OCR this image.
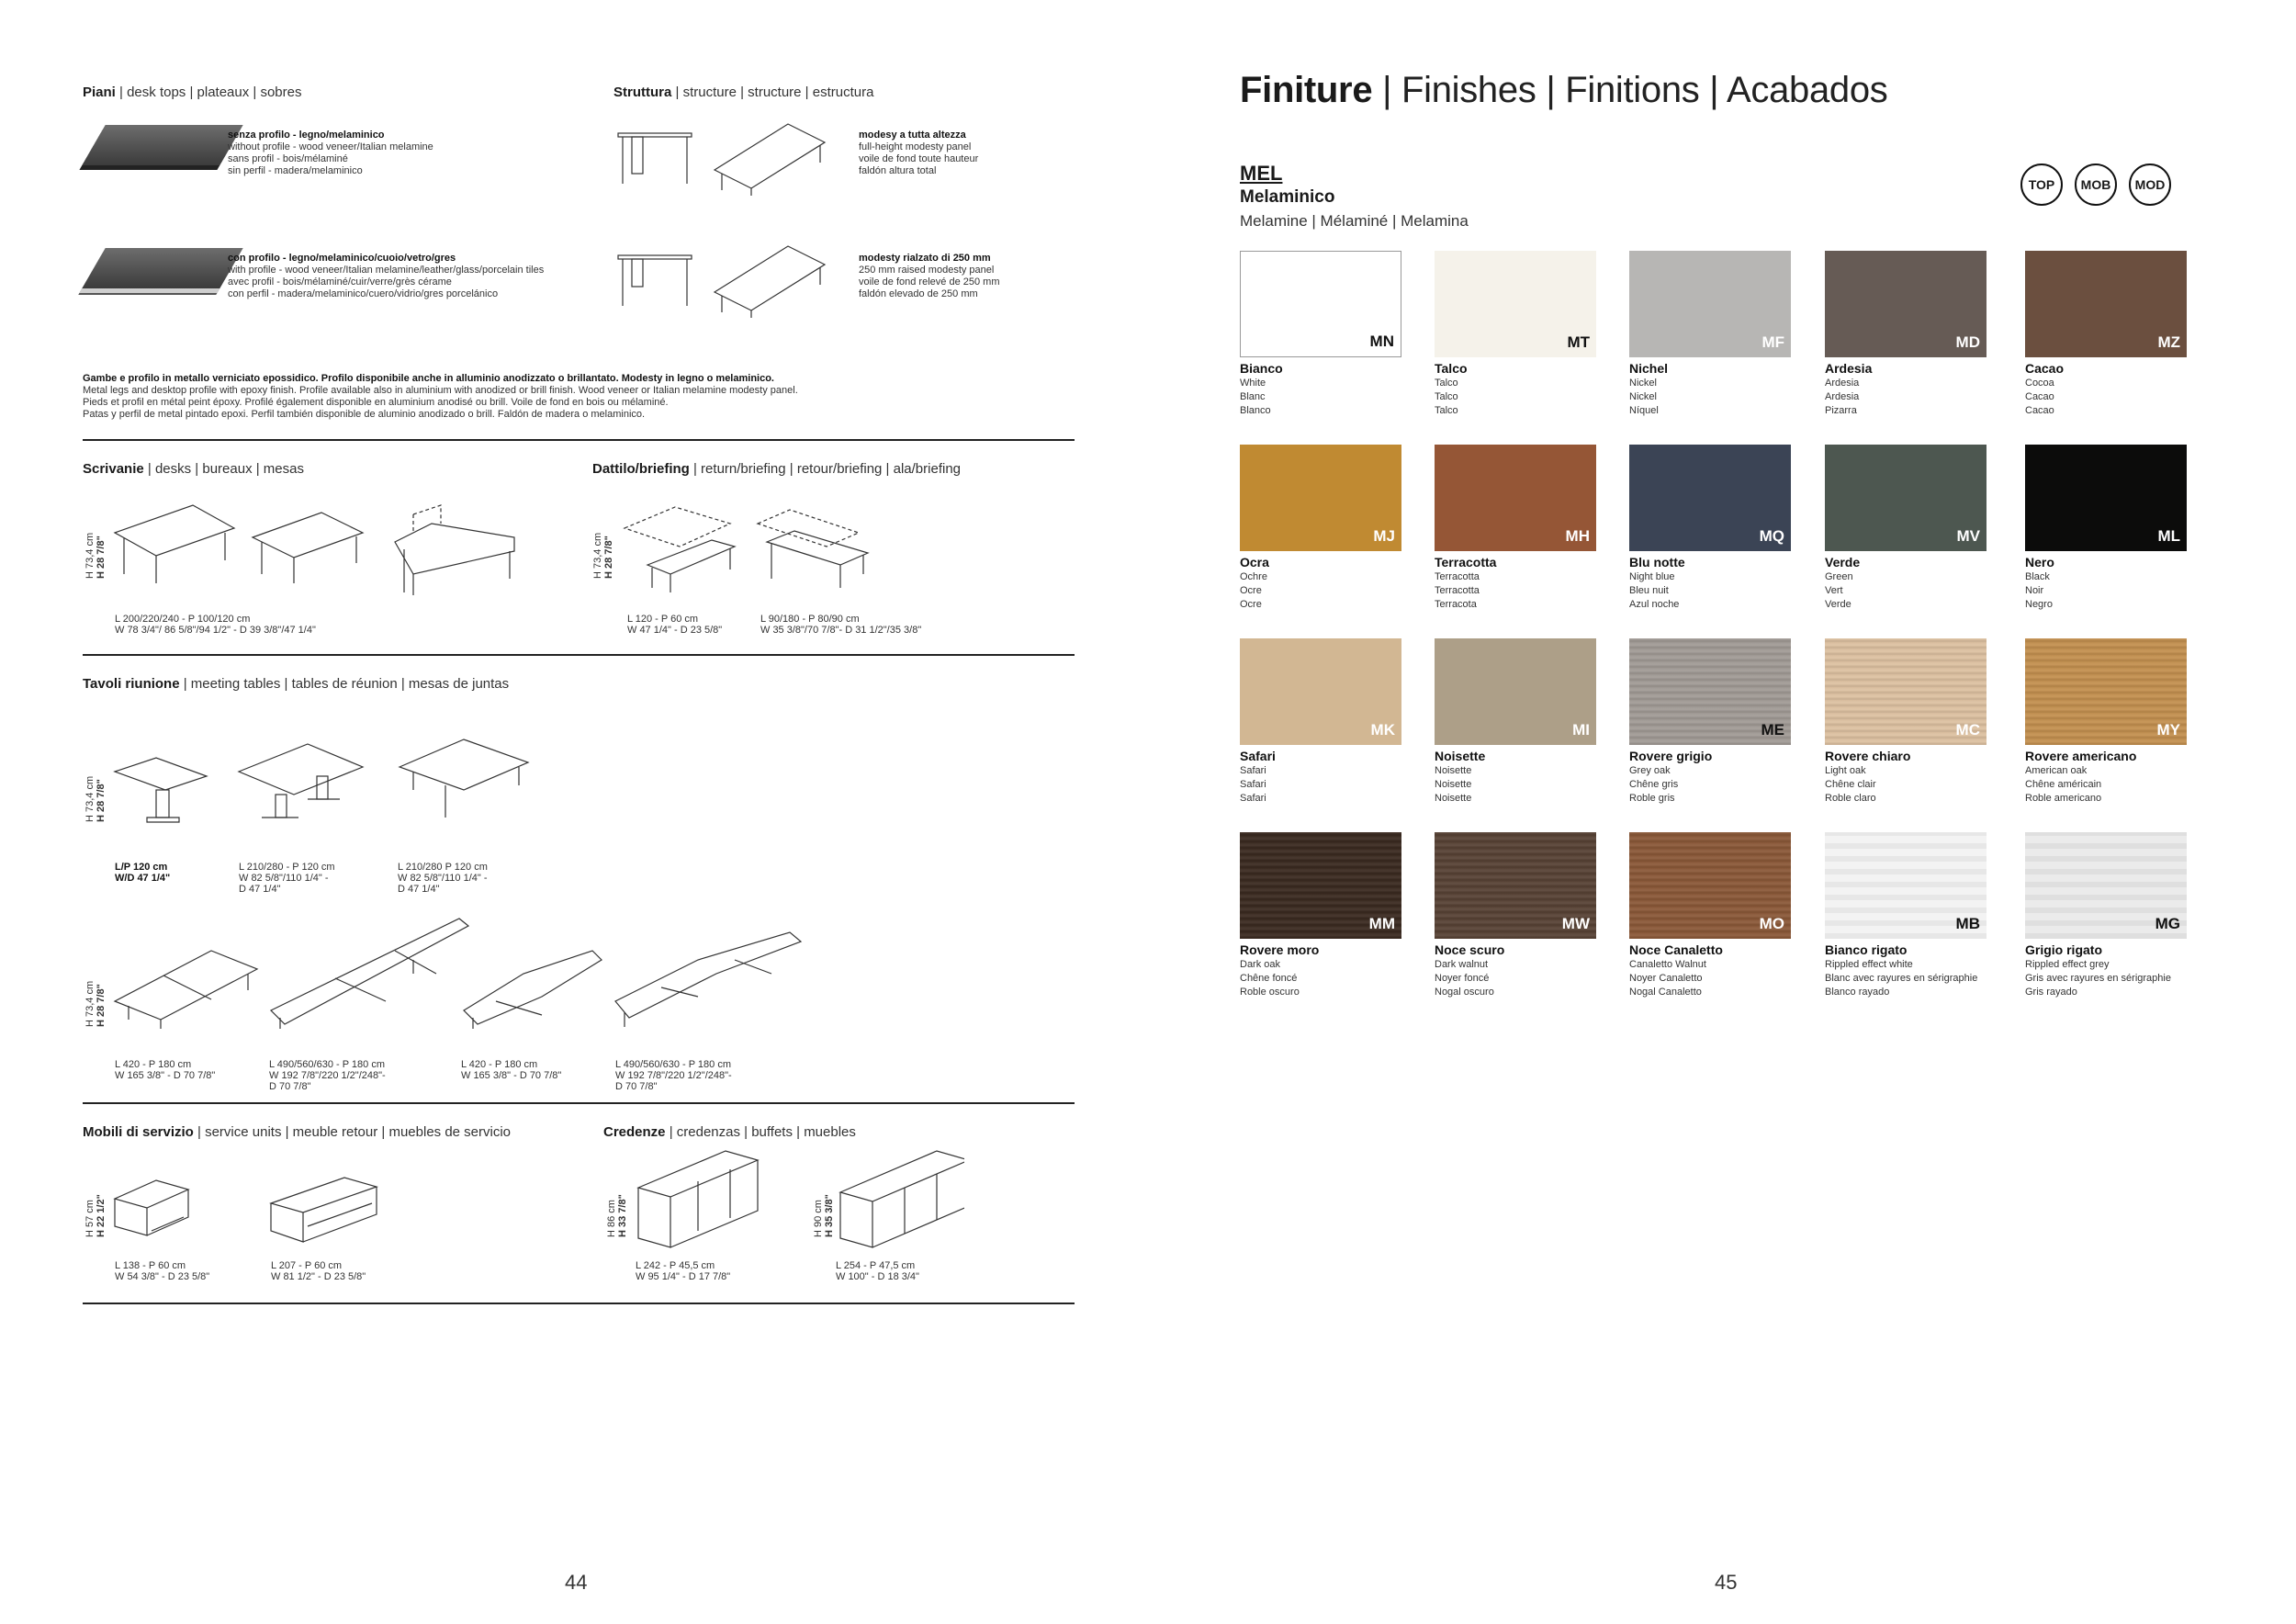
Piani | desk tops | plateaux | sobres	Struttura | structure | structure | estructura
senza profilo - legno/melaminico
without profile - wood veneer/Italian melamine
sans profil - bois/mélaminé
sin perfil - madera/melaminico
con profilo - legno/melaminico/cuoio/vetro/gres
with profile - wood veneer/Italian melamine/leather/glass/porcelain tiles
avec profil - bois/mélaminé/cuir/verre/grès cérame
con perfil - madera/melaminico/cuero/vidrio/gres porcelánico
modesy a tutta altezza
full-height modesty panel
voile de fond toute hauteur
faldón altura total
modesty rialzato di 250 mm
250 mm raised modesty panel
voile de fond relevé de 250 mm
faldón elevado de 250 mm
Gambe e profilo in metallo verniciato epossidico. Profilo disponibile anche in alluminio anodizzato o brillantato. Modesty in legno o melaminico.
Metal legs and desktop profile with epoxy finish. Profile available also in aluminium with anodized or brill finish. Wood veneer or Italian melamine modesty panel.
Pieds et profil en métal peint époxy. Profilé également disponible en aluminium anodisé ou brill. Voile de fond en bois ou mélaminé.
Patas y perfil de metal pintado epoxi. Perfil también disponible de aluminio anodizado o brill. Faldón de madera o melaminico.
Scrivanie | desks | bureaux | mesas	Dattilo/briefing | return/briefing | retour/briefing | ala/briefing
H 73,4 cm
H 28 7/8"
L 200/220/240 - P 100/120 cm
W 78 3/4"/ 86 5/8"/94 1/2" - D 39 3/8"/47 1/4"
H 73,4 cm
H 28 7/8"
L 120 - P 60 cm
W 47 1/4" - D 23 5/8"
L 90/180 - P 80/90 cm
W 35 3/8"/70 7/8"- D 31 1/2"/35 3/8"
Tavoli riunione | meeting tables | tables de réunion | mesas de juntas
H 73,4 cm
H 28 7/8"
L/P 120 cm
W/D 47 1/4"
L 210/280 - P 120 cm
W 82 5/8"/110 1/4" -
D 47 1/4"
L 210/280 P 120 cm
W 82 5/8"/110 1/4" -
D 47 1/4"
H 73,4 cm
H 28 7/8"
L 420 - P 180 cm
W 165 3/8" - D 70 7/8"
L 490/560/630 - P 180 cm
W 192 7/8"/220 1/2"/248"-
D 70 7/8"
L 420 - P 180 cm
W 165 3/8" - D 70 7/8"
L 490/560/630 - P 180 cm
W 192 7/8"/220 1/2"/248"-
D 70 7/8"
Mobili di servizio | service units | meuble retour | muebles de servicio	Credenze | credenzas | buffets | muebles
H 57 cm
H 22 1/2"
L 138 - P 60 cm
W 54 3/8" - D 23 5/8"
L 207 - P 60 cm
W 81 1/2" - D 23 5/8"
H 86 cm
H 33 7/8"	H 90 cm
H 35 3/8"
L 242 - P 45,5 cm
W 95 1/4" - D 17 7/8"
L 254 - P 47,5 cm
W 100" - D 18 3/4"
44
Finiture | Finishes | Finitions | Acabados
MEL
Melaminico
Melamine | Mélaminé | Melamina
TOP	MOB	MOD
MN
Bianco
White
Blanc
Blanco

MT
Talco
Talco
Talco
Talco

MF
Nichel
Nickel
Nickel
Níquel

MD
Ardesia
Ardesia
Ardesia
Pizarra

MZ
Cacao
Cocoa
Cacao
Cacao

MJ
Ocra
Ochre
Ocre
Ocre

MH
Terracotta
Terracotta
Terracotta
Terracota

MQ
Blu notte
Night blue
Bleu nuit
Azul noche

MV
Verde
Green
Vert
Verde

ML
Nero
Black
Noir
Negro

MK
Safari
Safari
Safari
Safari

MI
Noisette
Noisette
Noisette
Noisette

ME
Rovere grigio
Grey oak
Chêne gris
Roble gris

MC
Rovere chiaro
Light oak
Chêne clair
Roble claro

MY
Rovere americano
American oak
Chêne américain
Roble americano

MM
Rovere moro
Dark oak
Chêne foncé
Roble oscuro

MW
Noce scuro
Dark walnut
Noyer foncé
Nogal oscuro

MO
Noce Canaletto
Canaletto Walnut
Noyer Canaletto
Nogal Canaletto

MB
Bianco rigato
Rippled effect white
Blanc avec rayures en sérigraphie
Blanco rayado

MG
Grigio rigato
Rippled effect grey
Gris avec rayures en sérigraphie
Gris rayado

45
